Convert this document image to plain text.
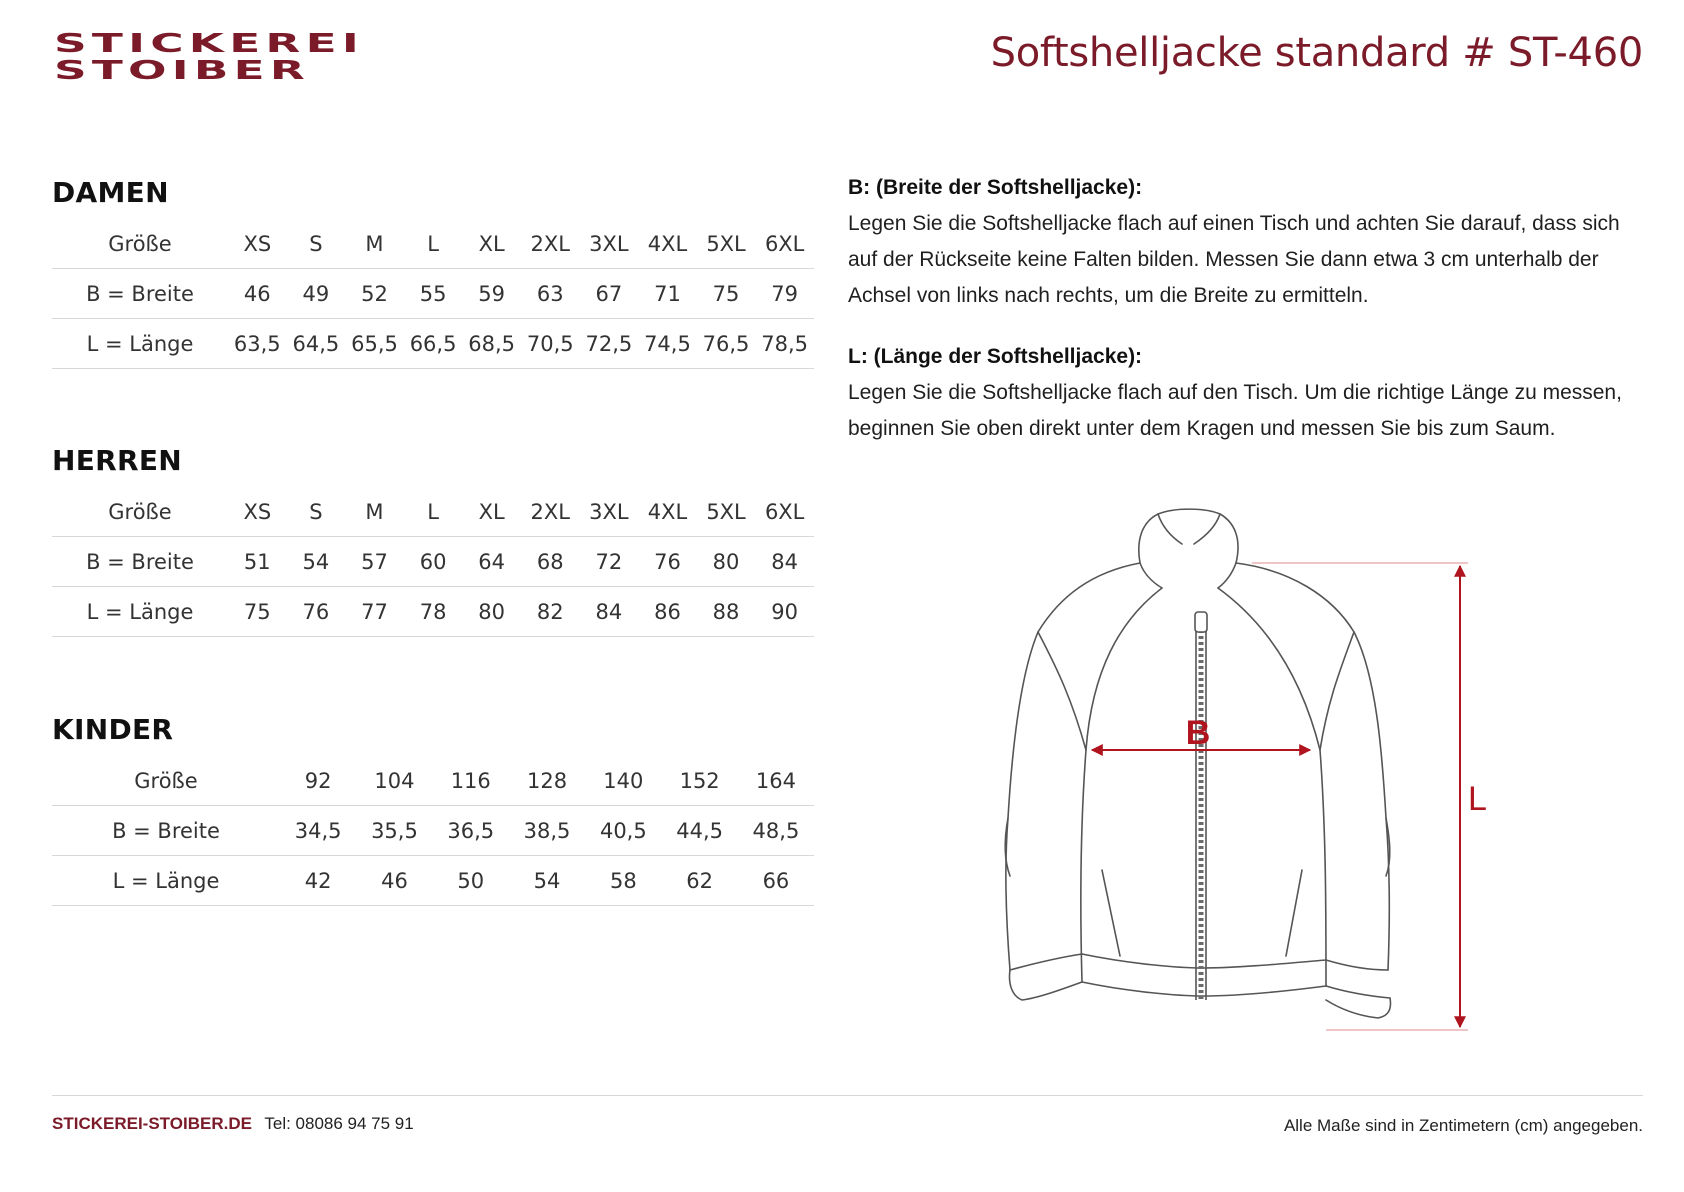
STICKEREI
STOIBER	Softshelljacke standard # ST-460
DAMEN
Größe	XS	S	M	L	XL	2XL	3XL	4XL	5XL	6XL
B = Breite	46	49	52	55	59	63	67	71	75	79
L = Länge	63,5	64,5	65,5	66,5	68,5	70,5	72,5	74,5	76,5	78,5
HERREN
Größe	XS	S	M	L	XL	2XL	3XL	4XL	5XL	6XL
B = Breite	51	54	57	60	64	68	72	76	80	84
L = Länge	75	76	77	78	80	82	84	86	88	90
KINDER
Größe	92	104	116	128	140	152	164
B = Breite	34,5	35,5	36,5	38,5	40,5	44,5	48,5
L = Länge	42	46	50	54	58	62	66

B: (Breite der Softshelljacke):

Legen Sie die Softshelljacke flach auf einen Tisch und achten Sie darauf, dass sich auf der Rückseite keine Falten bilden. Messen Sie dann etwa 3 cm unterhalb der Achsel von links nach rechts, um die Breite zu ermitteln.

L: (Länge der Softshelljacke):

Legen Sie die Softshelljacke flach auf den Tisch. Um die richtige Länge zu messen, beginnen Sie oben direkt unter dem Kragen und messen Sie bis zum Saum.

B
L
STICKEREI-STOIBER.DE Tel: 08086 94 75 91	Alle Maße sind in Zentimetern (cm) angegeben.
